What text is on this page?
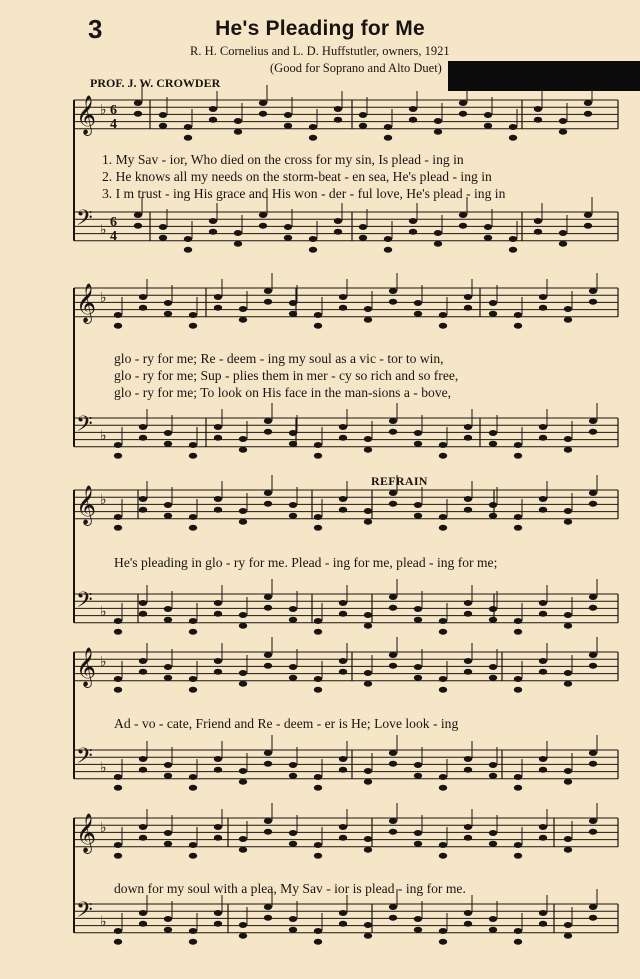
3	He's Pleading for Me
R. H. Cornelius and L. D. Huffstutler, owners, 1921
(Good for Soprano and Alto Duet)
PROF. J. W. CROWDER
REFRAIN
𝄞 ♭
𝄢 ♭
𝄞 ♭
𝄢 ♭
𝄞 ♭
𝄢 ♭
𝄞 ♭
𝄢 ♭
𝄞 ♭
𝄢 ♭
6
4
6
4
1. My Sav - ior, Who died on the cross for my sin, Is plead - ing in
2. He knows all my needs on the storm-beat - en sea, He's plead - ing in
3. I m trust - ing His grace and His won - der - ful love, He's plead - ing in
glo - ry for me; Re - deem - ing my soul as a vic - tor to win,
glo - ry for me; Sup - plies them in mer - cy so rich and so free,
glo - ry for me; To look on His face in the man-sions a - bove,
He's pleading in glo - ry for me. Plead - ing for me, plead - ing for me;
Ad - vo - cate, Friend and Re - deem - er is He; Love look - ing
down for my soul with a plea, My Sav - ior is plead - ing for me.
